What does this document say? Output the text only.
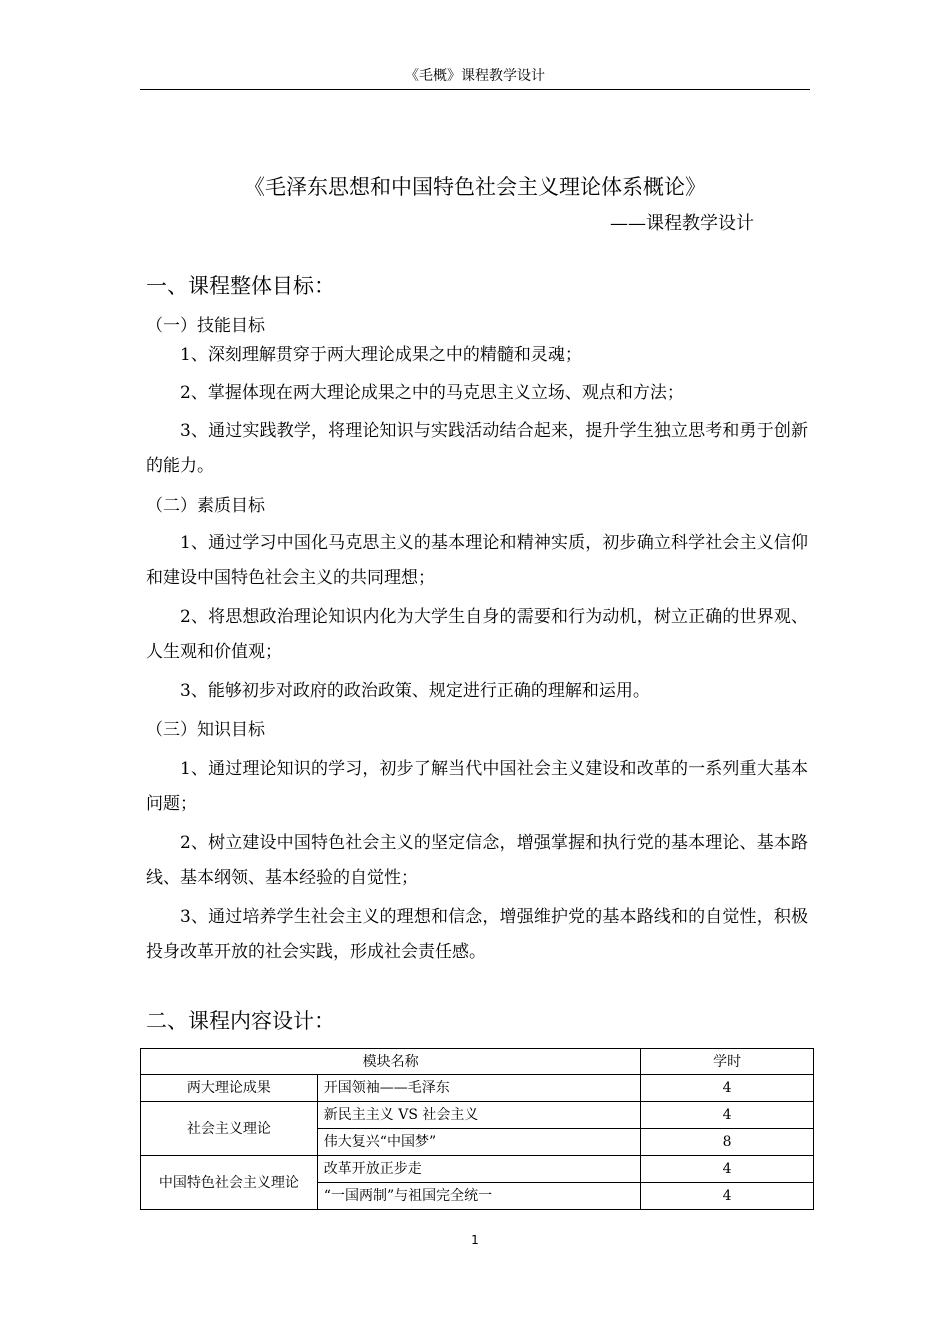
《毛概》课程教学设计
《毛泽东思想和中国特色社会主义理论体系概论》
——课程教学设计
一、课程整体目标：
（一）技能目标
1、深刻理解贯穿于两大理论成果之中的精髓和灵魂；
2、掌握体现在两大理论成果之中的马克思主义立场、观点和方法；
3、通过实践教学，将理论知识与实践活动结合起来，提升学生独立思考和勇于创新的能力。
（二）素质目标
1、通过学习中国化马克思主义的基本理论和精神实质，初步确立科学社会主义信仰和建设中国特色社会主义的共同理想；
2、将思想政治理论知识内化为大学生自身的需要和行为动机，树立正确的世界观、人生观和价值观；
3、能够初步对政府的政治政策、规定进行正确的理解和运用。
（三）知识目标
1、通过理论知识的学习，初步了解当代中国社会主义建设和改革的一系列重大基本问题；
2、树立建设中国特色社会主义的坚定信念，增强掌握和执行党的基本理论、基本路线、基本纲领、基本经验的自觉性；
3、通过培养学生社会主义的理想和信念，增强维护党的基本路线和的自觉性，积极投身改革开放的社会实践，形成社会责任感。
二、课程内容设计：
模块名称		学时
两大理论成果	开国领袖——毛泽东	4
社会主义理论	新民主主义 VS 社会主义	4
	伟大复兴“中国梦”	8
中国特色社会主义理论	改革开放正步走	4
	“一国两制”与祖国完全统一	4
1
